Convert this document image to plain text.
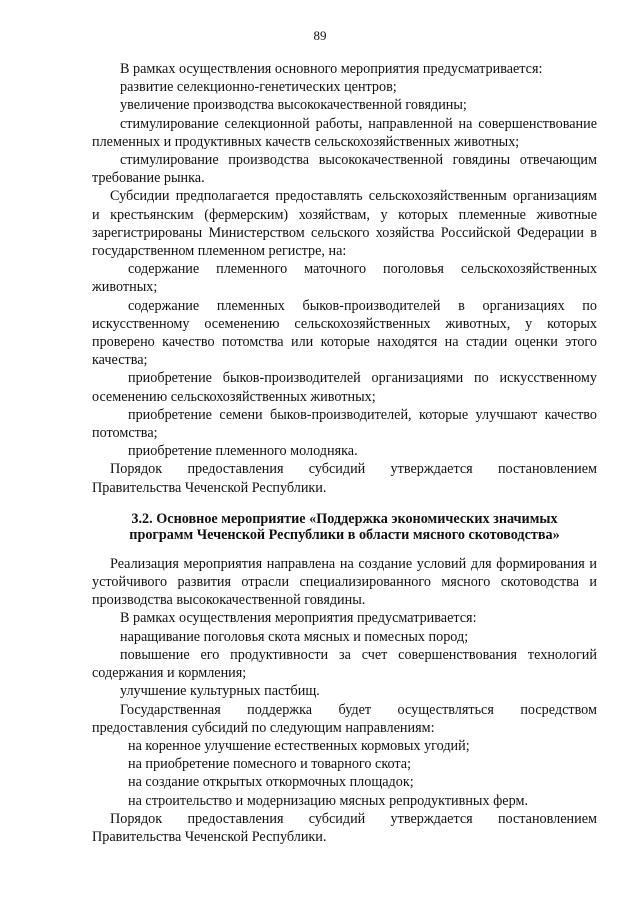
89

В рамках осуществления основного мероприятия предусматривается:

развитие селекционно-генетических центров;

увеличение производства высококачественной говядины;

стимулирование селекционной работы, направленной на совершенствование племенных и продуктивных качеств сельскохозяйственных животных;

стимулирование производства высококачественной говядины отвечающим требование рынка.

Субсидии предполагается предоставлять сельскохозяйственным организациям и крестьянским (фермерским) хозяйствам, у которых племенные животные зарегистрированы Министерством сельского хозяйства Российской Федерации в государственном племенном регистре, на:

содержание племенного маточного поголовья сельскохозяйственных животных;

содержание племенных быков-производителей в организациях по искусственному осеменению сельскохозяйственных животных, у которых проверено качество потомства или которые находятся на стадии оценки этого качества;

приобретение быков-производителей организациями по искусственному осеменению сельскохозяйственных животных;

приобретение семени быков-производителей, которые улучшают качество потомства;

приобретение племенного молодняка.

Порядок предоставления субсидий утверждается постановлением Правительства Чеченской Республики.

3.2. Основное мероприятие «Поддержка экономических значимых программ Чеченской Республики в области мясного скотоводства»

Реализация мероприятия направлена на создание условий для формирования и устойчивого развития отрасли специализированного мясного скотоводства и производства высококачественной говядины.

В рамках осуществления мероприятия предусматривается:

наращивание поголовья скота мясных и помесных пород;

повышение его продуктивности за счет совершенствования технологий содержания и кормления;

улучшение культурных пастбищ.

Государственная поддержка будет осуществляться посредством предоставления субсидий по следующим направлениям:

на коренное улучшение естественных кормовых угодий;

на приобретение помесного и товарного скота;

на создание открытых откормочных площадок;

на строительство и модернизацию мясных репродуктивных ферм.

Порядок предоставления субсидий утверждается постановлением Правительства Чеченской Республики.
